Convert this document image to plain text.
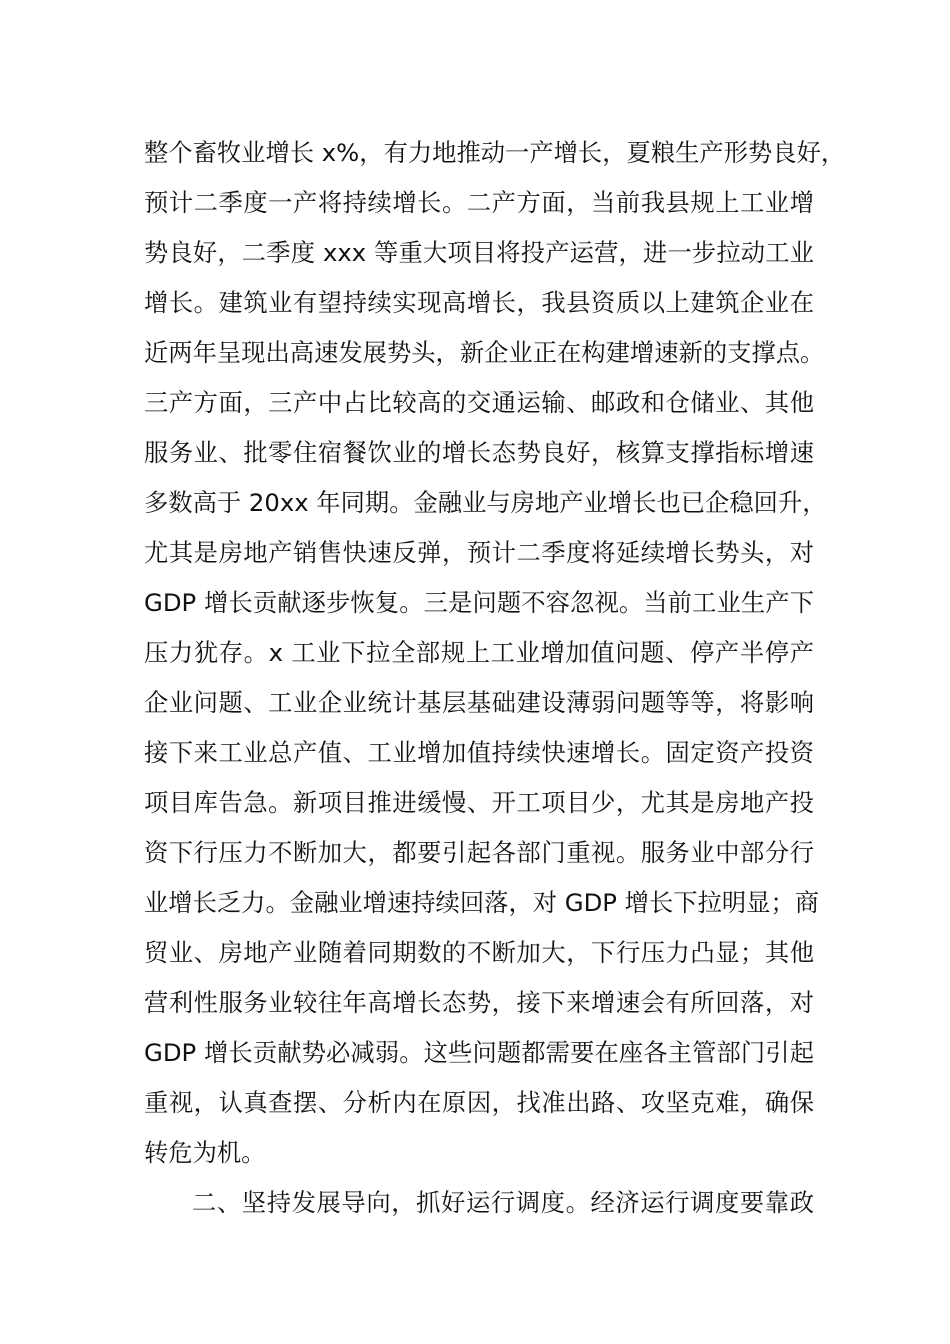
整个畜牧业增长 x%，有力地推动一产增长，夏粮生产形势良好，
预计二季度一产将持续增长。二产方面，当前我县规上工业增
势良好，二季度 xxx 等重大项目将投产运营，进一步拉动工业
增长。建筑业有望持续实现高增长，我县资质以上建筑企业在
近两年呈现出高速发展势头，新企业正在构建增速新的支撑点。
三产方面，三产中占比较高的交通运输、邮政和仓储业、其他
服务业、批零住宿餐饮业的增长态势良好，核算支撑指标增速
多数高于 20xx 年同期。金融业与房地产业增长也已企稳回升，
尤其是房地产销售快速反弹，预计二季度将延续增长势头，对
GDP 增长贡献逐步恢复。三是问题不容忽视。当前工业生产下
压力犹存。x 工业下拉全部规上工业增加值问题、停产半停产
企业问题、工业企业统计基层基础建设薄弱问题等等，将影响
接下来工业总产值、工业增加值持续快速增长。固定资产投资
项目库告急。新项目推进缓慢、开工项目少，尤其是房地产投
资下行压力不断加大，都要引起各部门重视。服务业中部分行
业增长乏力。金融业增速持续回落，对 GDP 增长下拉明显；商
贸业、房地产业随着同期数的不断加大，下行压力凸显；其他
营利性服务业较往年高增长态势，接下来增速会有所回落，对
GDP 增长贡献势必减弱。这些问题都需要在座各主管部门引起
重视，认真查摆、分析内在原因，找准出路、攻坚克难，确保
转危为机。
二、坚持发展导向，抓好运行调度。经济运行调度要靠政
